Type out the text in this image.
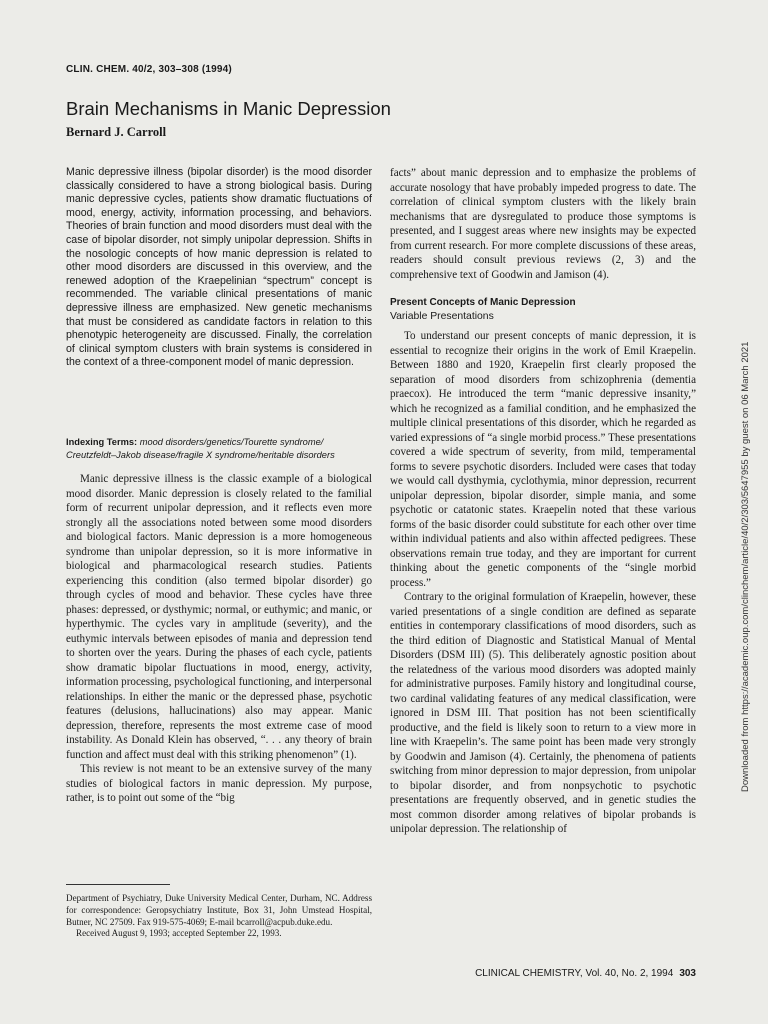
CLIN. CHEM. 40/2, 303–308 (1994)
Brain Mechanisms in Manic Depression
Bernard J. Carroll

Manic depressive illness (bipolar disorder) is the mood disorder classically considered to have a strong biological basis. During manic depressive cycles, patients show dramatic fluctuations of mood, energy, activity, information processing, and behaviors. Theories of brain function and mood disorders must deal with the case of bipolar disorder, not simply unipolar depression. Shifts in the nosologic concepts of how manic depression is related to other mood disorders are discussed in this overview, and the renewed adoption of the Kraepelinian “spectrum” concept is recommended. The variable clinical presentations of manic depressive illness are emphasized. New genetic mechanisms that must be considered as candidate factors in relation to this phenotypic heterogeneity are discussed. Finally, the correlation of clinical symptom clusters with brain systems is considered in the context of a three-component model of manic depression.

Indexing Terms: mood disorders/genetics/Tourette syndrome/ Creutzfeldt–Jakob disease/fragile X syndrome/heritable disorders

Manic depressive illness is the classic example of a biological mood disorder. Manic depression is closely related to the familial form of recurrent unipolar depression, and it reflects even more strongly all the associations noted between some mood disorders and biological factors. Manic depression is a more homogeneous syndrome than unipolar depression, so it is more informative in biological and pharmacological research studies. Patients experiencing this condition (also termed bipolar disorder) go through cycles of mood and behavior. These cycles have three phases: depressed, or dysthymic; normal, or euthymic; and manic, or hyperthymic. The cycles vary in amplitude (severity), and the euthymic intervals between episodes of mania and depression tend to shorten over the years. During the phases of each cycle, patients show dramatic bipolar fluctuations in mood, energy, activity, information processing, psychological functioning, and interpersonal relationships. In either the manic or the depressed phase, psychotic features (delusions, hallucinations) also may appear. Manic depression, therefore, represents the most extreme case of mood instability. As Donald Klein has observed, “. . . any theory of brain function and affect must deal with this striking phenomenon” (1).

This review is not meant to be an extensive survey of the many studies of biological factors in manic depression. My purpose, rather, is to point out some of the “big

Department of Psychiatry, Duke University Medical Center, Durham, NC. Address for correspondence: Geropsychiatry Institute, Box 31, John Umstead Hospital, Butner, NC 27509. Fax 919-575-4069; E-mail bcarroll@acpub.duke.edu.

Received August 9, 1993; accepted September 22, 1993.

facts” about manic depression and to emphasize the problems of accurate nosology that have probably impeded progress to date. The correlation of clinical symptom clusters with the likely brain mechanisms that are dysregulated to produce those symptoms is presented, and I suggest areas where new insights may be expected from current research. For more complete discussions of these areas, readers should consult previous reviews (2, 3) and the comprehensive text of Goodwin and Jamison (4).

Present Concepts of Manic Depression
Variable Presentations

To understand our present concepts of manic depression, it is essential to recognize their origins in the work of Emil Kraepelin. Between 1880 and 1920, Kraepelin first clearly proposed the separation of mood disorders from schizophrenia (dementia praecox). He introduced the term “manic depressive insanity,” which he recognized as a familial condition, and he emphasized the multiple clinical presentations of this disorder, which he regarded as varied expressions of “a single morbid process.” These presentations covered a wide spectrum of severity, from mild, temperamental forms to severe psychotic disorders. Included were cases that today we would call dysthymia, cyclothymia, minor depression, recurrent unipolar depression, bipolar disorder, simple mania, and some psychotic or catatonic states. Kraepelin noted that these various forms of the basic disorder could substitute for each other over time within individual patients and also within affected pedigrees. These observations remain true today, and they are important for current thinking about the genetic components of the “single morbid process.”

Contrary to the original formulation of Kraepelin, however, these varied presentations of a single condition are defined as separate entities in contemporary classifications of mood disorders, such as the third edition of Diagnostic and Statistical Manual of Mental Disorders (DSM III) (5). This deliberately agnostic position about the relatedness of the various mood disorders was adopted mainly for administrative purposes. Family history and longitudinal course, two cardinal validating features of any medical classification, were ignored in DSM III. That position has not been scientifically productive, and the field is likely soon to return to a view more in line with Kraepelin’s. The same point has been made very strongly by Goodwin and Jamison (4). Certainly, the phenomena of patients switching from minor depression to major depression, from unipolar to bipolar disorder, and from nonpsychotic to psychotic presentations are frequently observed, and in genetic studies the most common disorder among relatives of bipolar probands is unipolar depression. The relationship of

CLINICAL CHEMISTRY, Vol. 40, No. 2, 1994 303
Downloaded from https://academic.oup.com/clinchem/article/40/2/303/5647955 by guest on 06 March 2021
